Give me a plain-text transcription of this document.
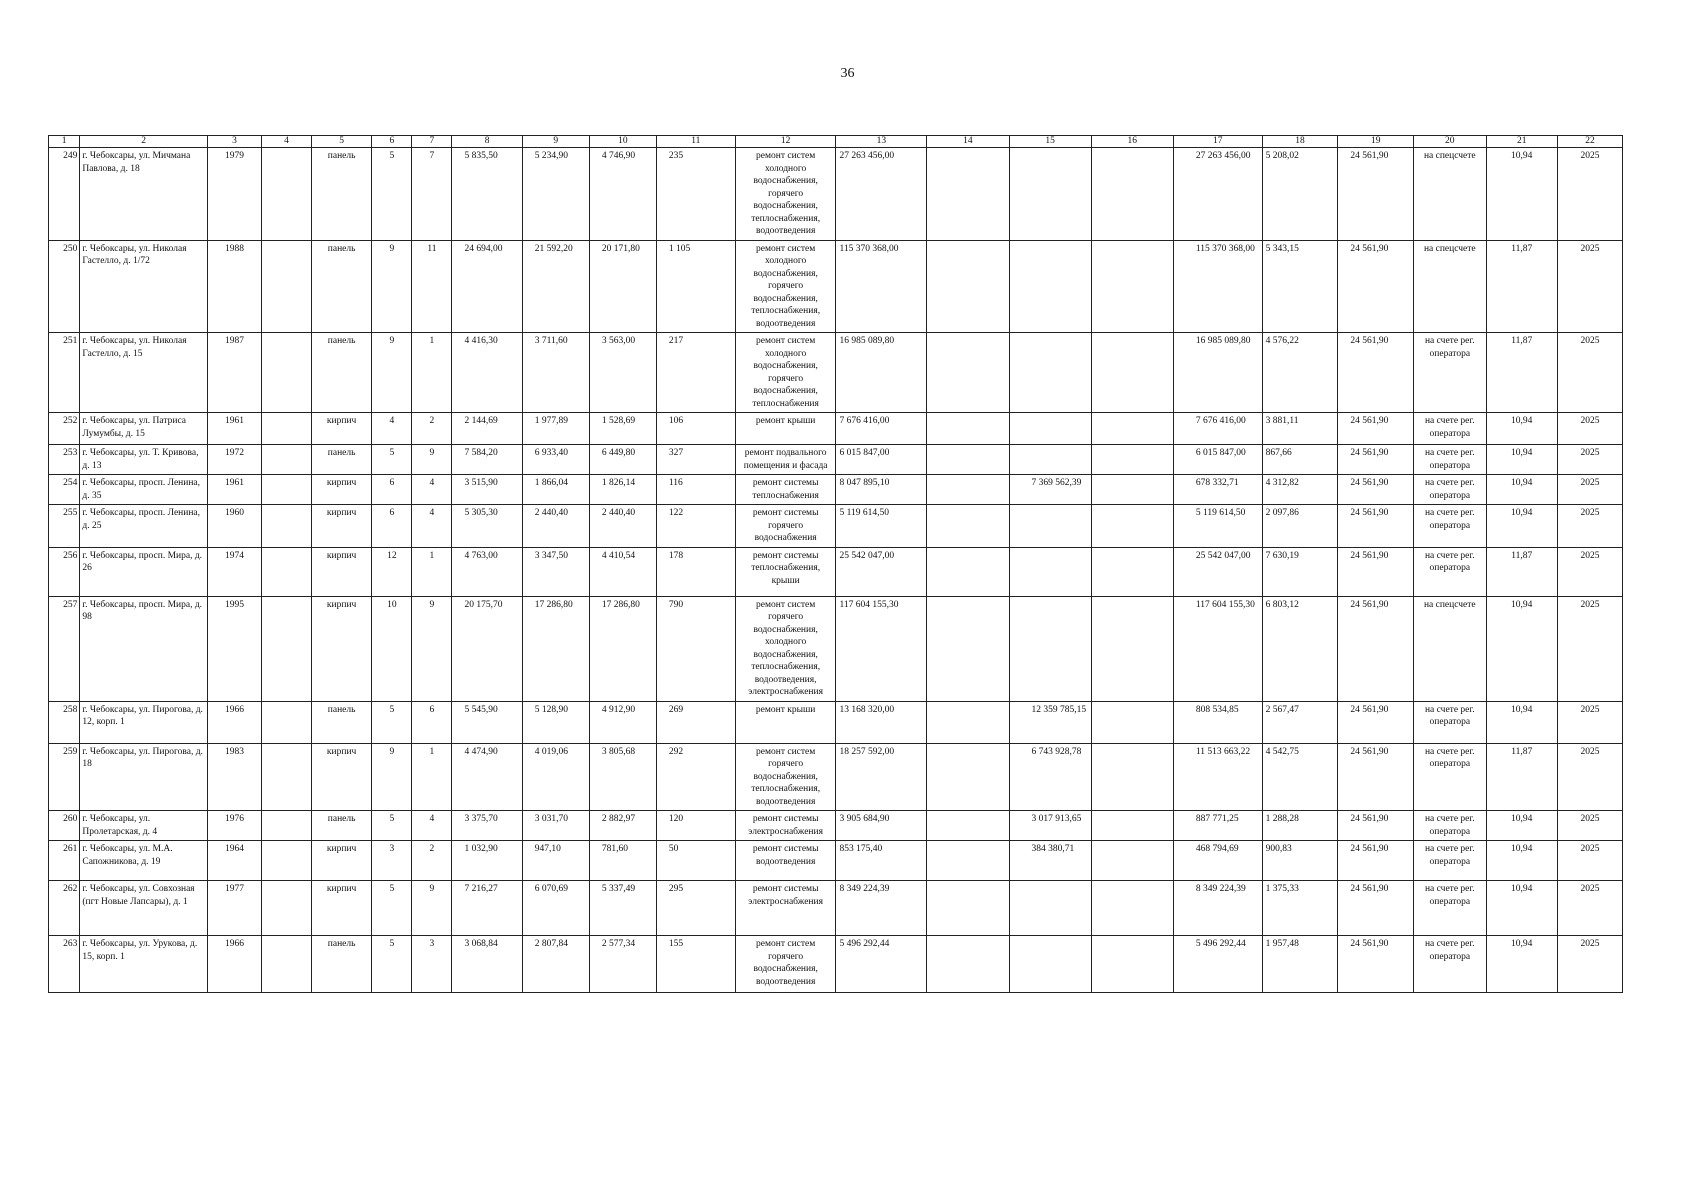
36
1	2	3	4	5	6	7	8	9	10	11	12	13	14	15	16	17	18	19	20	21	22
249	г. Чебоксары, ул. Мичмана Павлова, д. 18	1979		панель	5	7	5 835,50	5 234,90	4 746,90	235	ремонт систем холодного водоснабжения, горячего водоснабжения, теплоснабжения, водоотведения	27 263 456,00				27 263 456,00	5 208,02	24 561,90	на спецсчете	10,94	2025
250	г. Чебоксары, ул. Николая Гастелло, д. 1/72	1988		панель	9	11	24 694,00	21 592,20	20 171,80	1 105	ремонт систем холодного водоснабжения, горячего водоснабжения, теплоснабжения, водоотведения	115 370 368,00				115 370 368,00	5 343,15	24 561,90	на спецсчете	11,87	2025
251	г. Чебоксары, ул. Николая Гастелло, д. 15	1987		панель	9	1	4 416,30	3 711,60	3 563,00	217	ремонт систем холодного водоснабжения, горячего водоснабжения, теплоснабжения	16 985 089,80				16 985 089,80	4 576,22	24 561,90	на счете рег. оператора	11,87	2025
252	г. Чебоксары, ул. Патриса Лумумбы, д. 15	1961		кирпич	4	2	2 144,69	1 977,89	1 528,69	106	ремонт крыши	7 676 416,00				7 676 416,00	3 881,11	24 561,90	на счете рег. оператора	10,94	2025
253	г. Чебоксары, ул. Т. Кривова, д. 13	1972		панель	5	9	7 584,20	6 933,40	6 449,80	327	ремонт подвального помещения и фасада	6 015 847,00				6 015 847,00	867,66	24 561,90	на счете рег. оператора	10,94	2025
254	г. Чебоксары, просп. Ленина, д. 35	1961		кирпич	6	4	3 515,90	1 866,04	1 826,14	116	ремонт системы теплоснабжения	8 047 895,10		7 369 562,39		678 332,71	4 312,82	24 561,90	на счете рег. оператора	10,94	2025
255	г. Чебоксары, просп. Ленина, д. 25	1960		кирпич	6	4	5 305,30	2 440,40	2 440,40	122	ремонт системы горячего водоснабжения	5 119 614,50				5 119 614,50	2 097,86	24 561,90	на счете рег. оператора	10,94	2025
256	г. Чебоксары, просп. Мира, д. 26	1974		кирпич	12	1	4 763,00	3 347,50	4 410,54	178	ремонт системы теплоснабжения, крыши	25 542 047,00				25 542 047,00	7 630,19	24 561,90	на счете рег. оператора	11,87	2025
257	г. Чебоксары, просп. Мира, д. 98	1995		кирпич	10	9	20 175,70	17 286,80	17 286,80	790	ремонт систем горячего водоснабжения, холодного водоснабжения, теплоснабжения, водоотведения, электроснабжения	117 604 155,30				117 604 155,30	6 803,12	24 561,90	на спецсчете	10,94	2025
258	г. Чебоксары, ул. Пирогова, д. 12, корп. 1	1966		панель	5	6	5 545,90	5 128,90	4 912,90	269	ремонт крыши	13 168 320,00		12 359 785,15		808 534,85	2 567,47	24 561,90	на счете рег. оператора	10,94	2025
259	г. Чебоксары, ул. Пирогова, д. 18	1983		кирпич	9	1	4 474,90	4 019,06	3 805,68	292	ремонт систем горячего водоснабжения, теплоснабжения, водоотведения	18 257 592,00		6 743 928,78		11 513 663,22	4 542,75	24 561,90	на счете рег. оператора	11,87	2025
260	г. Чебоксары, ул. Пролетарская, д. 4	1976		панель	5	4	3 375,70	3 031,70	2 882,97	120	ремонт системы электроснабжения	3 905 684,90		3 017 913,65		887 771,25	1 288,28	24 561,90	на счете рег. оператора	10,94	2025
261	г. Чебоксары, ул. М.А. Сапожникова, д. 19	1964		кирпич	3	2	1 032,90	947,10	781,60	50	ремонт системы водоотведения	853 175,40		384 380,71		468 794,69	900,83	24 561,90	на счете рег. оператора	10,94	2025
262	г. Чебоксары, ул. Совхозная (пгт Новые Лапсары), д. 1	1977		кирпич	5	9	7 216,27	6 070,69	5 337,49	295	ремонт системы электроснабжения	8 349 224,39				8 349 224,39	1 375,33	24 561,90	на счете рег. оператора	10,94	2025
263	г. Чебоксары, ул. Урукова, д. 15, корп. 1	1966		панель	5	3	3 068,84	2 807,84	2 577,34	155	ремонт систем горячего водоснабжения, водоотведения	5 496 292,44				5 496 292,44	1 957,48	24 561,90	на счете рег. оператора	10,94	2025
